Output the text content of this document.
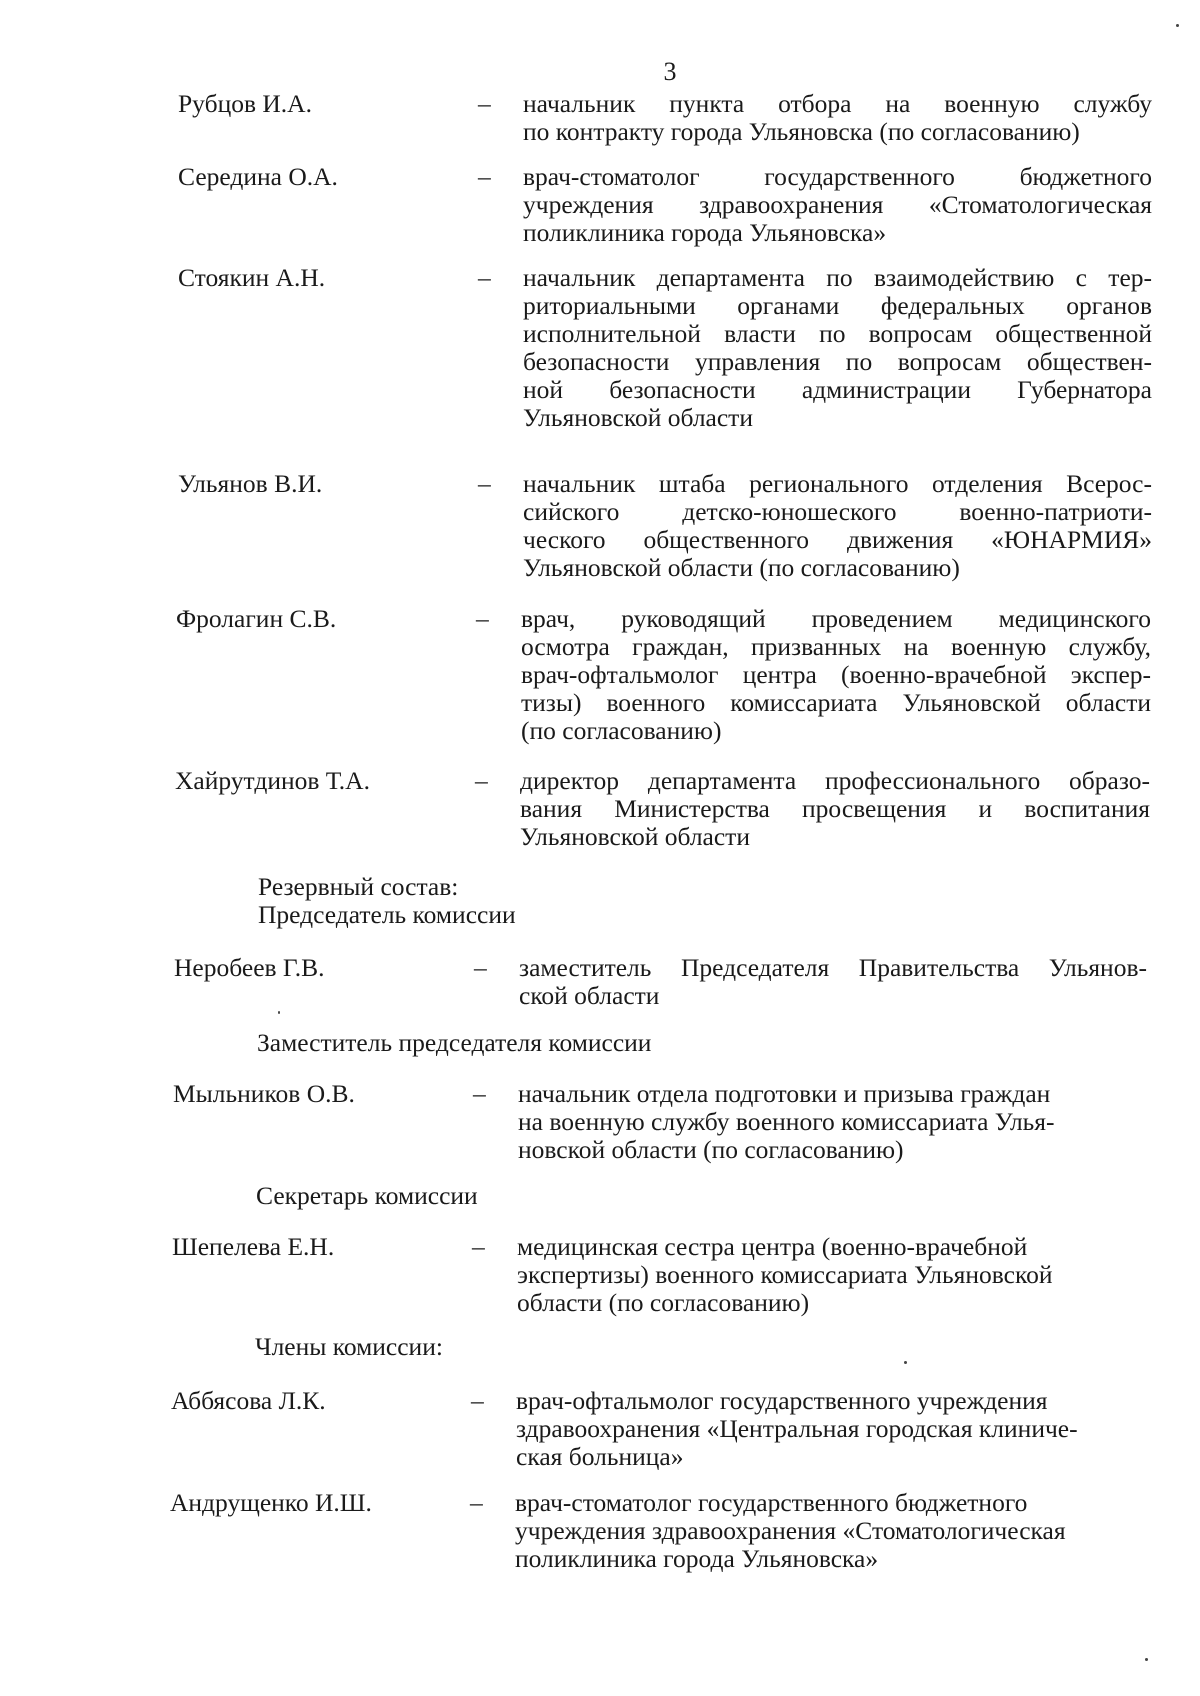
3
Рубцов И.А.	– начальник пункта отбора на военную службу
по контракту города Ульяновска (по согласованию)
Середина О.А.	– врач-стоматолог государственного бюджетного
учреждения здравоохранения «Стоматологическая
поликлиника города Ульяновска»
Стоякин А.Н.	– начальник департамента по взаимодействию с тер-
риториальными органами федеральных органов
исполнительной власти по вопросам общественной
безопасности управления по вопросам обществен-
ной безопасности администрации Губернатора
Ульяновской области
Ульянов В.И.	– начальник штаба регионального отделения Всерос-
сийского детско-юношеского военно-патриоти-
ческого общественного движения «ЮНАРМИЯ»
Ульяновской области (по согласованию)
Фролагин С.В.	– врач, руководящий проведением медицинского
осмотра граждан, призванных на военную службу,
врач-офтальмолог центра (военно-врачебной экспер-
тизы) военного комиссариата Ульяновской области
(по согласованию)
Хайрутдинов Т.А.	– директор департамента профессионального образо-
вания Министерства просвещения и воспитания
Ульяновской области
Резервный состав:
Председатель комиссии
Неробеев Г.В.	– заместитель Председателя Правительства Ульянов-
ской области
Заместитель председателя комиссии
Мыльников О.В.	– начальник отдела подготовки и призыва граждан
на военную службу военного комиссариата Улья-
новской области (по согласованию)
Секретарь комиссии
Шепелева Е.Н.	– медицинская сестра центра (военно-врачебной
экспертизы) военного комиссариата Ульяновской
области (по согласованию)
Члены комиссии:
Аббясова Л.К.	– врач-офтальмолог государственного учреждения
здравоохранения «Центральная городская клиниче-
ская больница»
Андрущенко И.Ш.	– врач-стоматолог государственного бюджетного
учреждения здравоохранения «Стоматологическая
поликлиника города Ульяновска»
